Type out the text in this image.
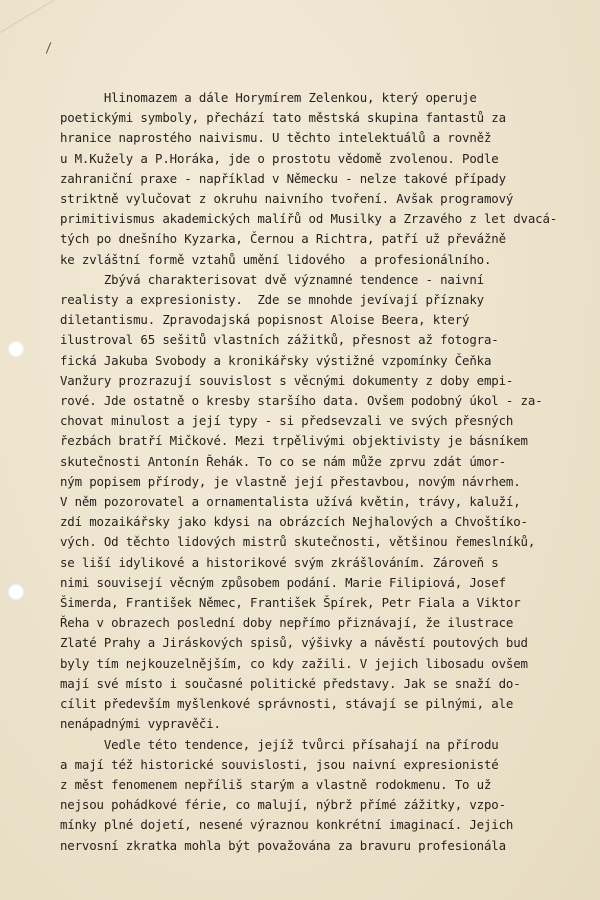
Hlinomazem a dále Horymírem Zelenkou, který operuje
poetickými symboly, přechází tato městská skupina fantastů za
hranice naprostého naivismu. U těchto intelektuálů a rovněž
u M.Kužely a P.Horáka, jde o prostotu vědomě zvolenou. Podle
zahraniční praxe - například v Německu - nelze takové případy
striktně vylučovat z okruhu naivního tvoření. Avšak programový
primitivismus akademických malířů od Musilky a Zrzavého z let dvacá-
tých po dnešního Kyzarka, Černou a Richtra, patří už převážně
ke zvláštní formě vztahů umění lidového  a profesionálního.
Zbývá charakterisovat dvě významné tendence - naivní
realisty a expresionisty.  Zde se mnohde jevívají příznaky
diletantismu. Zpravodajská popisnost Aloise Beera, který
ilustroval 65 sešitů vlastních zážitků, přesnost až fotogra-
fická Jakuba Svobody a kronikářsky výstižné vzpomínky Čeňka
Vanžury prozrazují souvislost s věcnými dokumenty z doby empi-
rové. Jde ostatně o kresby staršího data. Ovšem podobný úkol - za-
chovat minulost a její typy - si předsevzali ve svých přesných
řezbách bratří Mičkové. Mezi trpělivými objektivisty je básníkem
skutečnosti Antonín Řehák. To co se nám může zprvu zdát úmor-
ným popisem přírody, je vlastně její přestavbou, novým návrhem.
V něm pozorovatel a ornamentalista užívá květin, trávy, kaluží,
zdí mozaikářsky jako kdysi na obrázcích Nejhalových a Chvoštíko-
vých. Od těchto lidových mistrů skutečnosti, většinou řemeslníků,
se liší idylikové a historikové svým zkrášlováním. Zároveň s
nimi souvisejí věcným způsobem podání. Marie Filipiová, Josef
Šimerda, František Němec, František Špírek, Petr Fiala a Viktor
Řeha v obrazech poslední doby nepřímo přiznávají, že ilustrace
Zlaté Prahy a Jiráskových spisů, výšivky a návěstí poutových bud
byly tím nejkouzelnějším, co kdy zažili. V jejich libosadu ovšem
mají své místo i současné politické představy. Jak se snaží do-
cílit především myšlenkové správnosti, stávají se pilnými, ale
nenápadnými vypravěči.
Vedle této tendence, jejíž tvůrci přísahají na přírodu
a mají též historické souvislosti, jsou naivní expresionisté
z měst fenomenem nepříliš starým a vlastně rodokmenu. To už
nejsou pohádkové férie, co malují, nýbrž přímé zážitky, vzpo-
mínky plné dojetí, nesené výraznou konkrétní imaginací. Jejich
nervosní zkratka mohla být považována za bravuru profesionála
